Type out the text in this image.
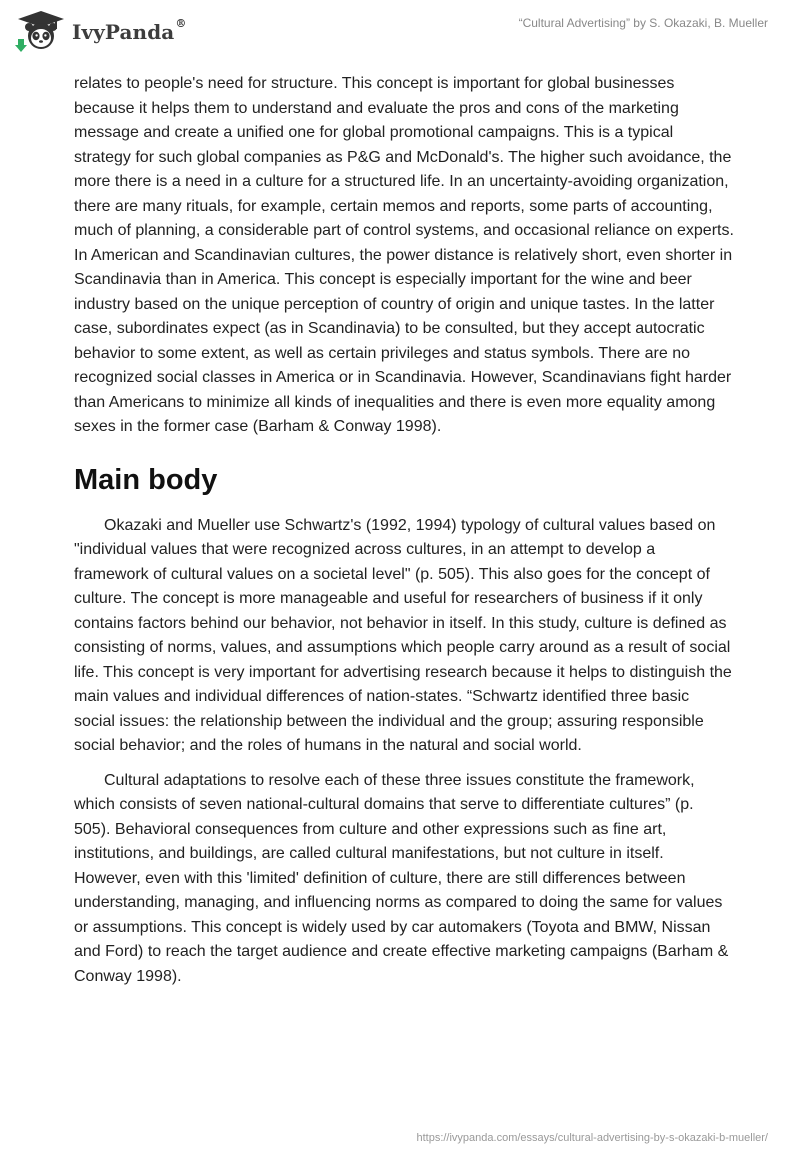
IvyPanda®	“Cultural Advertising” by S. Okazaki, B. Mueller

relates to people's need for structure. This concept is important for global businesses because it helps them to understand and evaluate the pros and cons of the marketing message and create a unified one for global promotional campaigns. This is a typical strategy for such global companies as P&G and McDonald's. The higher such avoidance, the more there is a need in a culture for a structured life. In an uncertainty-avoiding organization, there are many rituals, for example, certain memos and reports, some parts of accounting, much of planning, a considerable part of control systems, and occasional reliance on experts. In American and Scandinavian cultures, the power distance is relatively short, even shorter in Scandinavia than in America. This concept is especially important for the wine and beer industry based on the unique perception of country of origin and unique tastes. In the latter case, subordinates expect (as in Scandinavia) to be consulted, but they accept autocratic behavior to some extent, as well as certain privileges and status symbols. There are no recognized social classes in America or in Scandinavia. However, Scandinavians fight harder than Americans to minimize all kinds of inequalities and there is even more equality among sexes in the former case (Barham & Conway 1998).

Main body

Okazaki and Mueller use Schwartz's (1992, 1994) typology of cultural values based on "individual values that were recognized across cultures, in an attempt to develop a framework of cultural values on a societal level" (p. 505). This also goes for the concept of culture. The concept is more manageable and useful for researchers of business if it only contains factors behind our behavior, not behavior in itself. In this study, culture is defined as consisting of norms, values, and assumptions which people carry around as a result of social life. This concept is very important for advertising research because it helps to distinguish the main values and individual differences of nation-states. “Schwartz identified three basic social issues: the relationship between the individual and the group; assuring responsible social behavior; and the roles of humans in the natural and social world.

Cultural adaptations to resolve each of these three issues constitute the framework, which consists of seven national-cultural domains that serve to differentiate cultures” (p. 505). Behavioral consequences from culture and other expressions such as fine art, institutions, and buildings, are called cultural manifestations, but not culture in itself. However, even with this 'limited' definition of culture, there are still differences between understanding, managing, and influencing norms as compared to doing the same for values or assumptions. This concept is widely used by car automakers (Toyota and BMW, Nissan and Ford) to reach the target audience and create effective marketing campaigns (Barham & Conway 1998).

https://ivypanda.com/essays/cultural-advertising-by-s-okazaki-b-mueller/
